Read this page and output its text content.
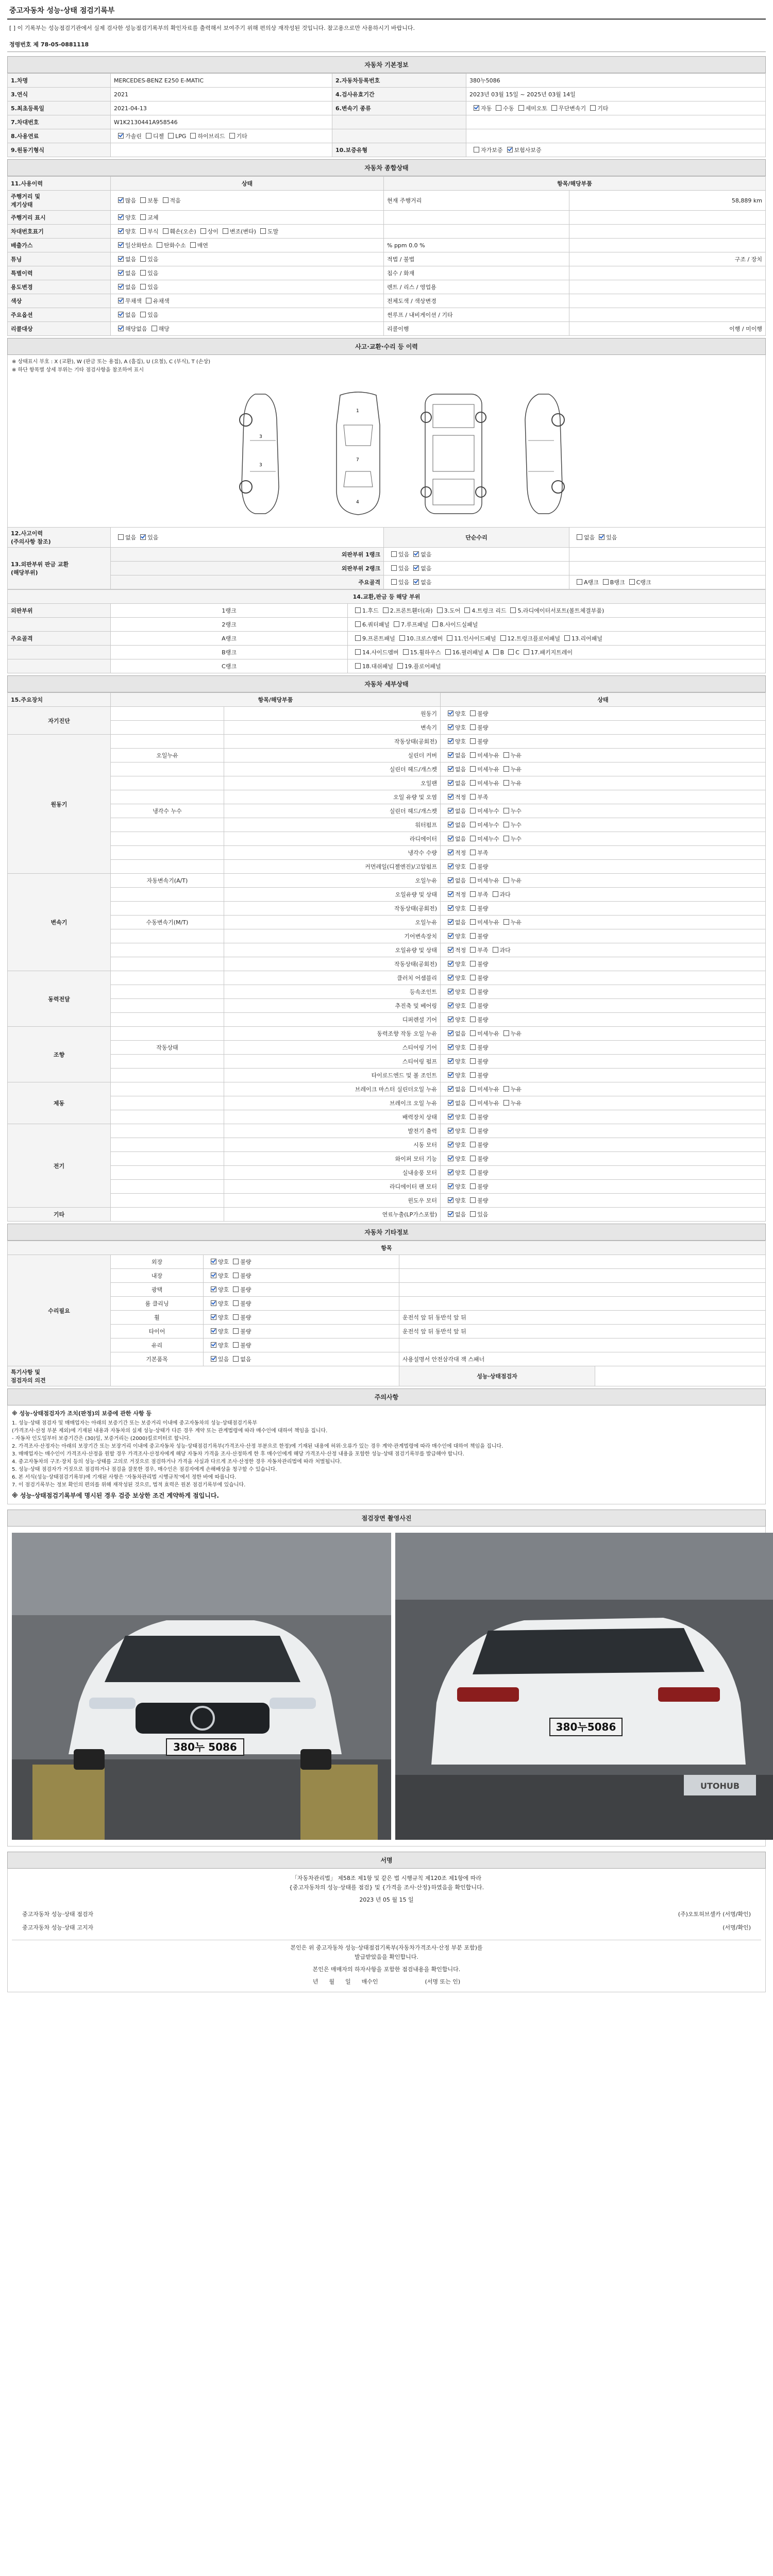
중고자동차 성능·상태 점검기록부
[ ] 이 기록부는 성능점검기관에서 실제 검사한 성능점검기록부의 확인자료를 출력해서 보여주기 위해 편의상 재작성된 것입니다. 참고용으로만 사용하시기 바랍니다.
정령번호 제 78-05-0881118
자동차 기본정보
1.차명	MERCEDES-BENZ E250 E-MATIC	2.자동차등록번호	380누5086
3.연식	2021	4.검사유효기간	2023년 03월 15일 ~ 2025년 03월 14일
5.최초등록일	2021-04-13	6.변속기 종류	자동 수동 세미오토 무단변속기 기타
7.차대번호	W1K2130441A958546		
8.사용연료	가솔린 디젤 LPG 하이브리드 기타		
9.원동기형식		10.보증유형	자가보증 보험사보증
자동차 종합상태
11.사용이력	상태	항목/해당부품	
주행거리 및
계기상태	많음 보통 적음	현재 주행거리	58,889 km
주행거리 표시	양호 교체		
차대번호표기	양호 부식 훼손(오손) 상이 변조(변타) 도말		
배출가스	일산화탄소 탄화수소 매연	% ppm 0.0 %	
튜닝	없음 있음	적법 / 불법	구조 / 장치
특별이력	없음 있음	침수 / 화재	
용도변경	없음 있음	렌트 / 리스 / 영업용	
색상	무채색 유채색	전체도색 / 색상변경	
주요옵션	없음 있음	썬루프 / 내비게이션 / 기타	
리콜대상	해당없음 해당	리콜이행	이행 / 미이행
사고·교환·수리 등 이력
※ 상태표시 부호 : X (교환), W (판금 또는 용접), A (흠집), U (요철), C (부식), T (손상)
※ 하단 항목별 상세 부위는 기타 점검사항을 참조하여 표시
3
3
1
7
4
12.사고이력
(주의사항 참조)	없음 있음	단순수리	없음 있음
13.외판부위 판금 교환
(해당부위)	외판부위 1랭크	있음 없음	
	외판부위 2랭크	있음 없음	
	주요골격	있음 없음	A랭크 B랭크 C랭크
14.교환,판금 등 해당 부위		
외판부위	1랭크	1.후드 2.프론트휀더(좌) 3.도어 4.트렁크 리드 5.라디에이터서포트(볼트체결부품)
	2랭크	6.쿼터패널 7.루프패널 8.사이드실패널
주요골격	A랭크	9.프론트패널 10.크로스멤버 11.인사이드패널 12.트렁크플로어패널 13.리어패널
	B랭크	14.사이드멤버 15.휠하우스 16.필러패널 A B C 17.패키지트레이
	C랭크	18.대쉬패널 19.플로어패널
자동차 세부상태
15.주요장치	항목/해당부품		상태
자기진단		원동기	양호 불량
		변속기	양호 불량
원동기		작동상태(공회전)	양호 불량
	오일누유	실린더 커버	없음 미세누유 누유
		실린더 헤드/개스켓	없음 미세누유 누유
		오일팬	없음 미세누유 누유
		오일 유량 및 오염	적정 부족
	냉각수 누수	실린더 헤드/개스켓	없음 미세누수 누수
		워터펌프	없음 미세누수 누수
		라디에이터	없음 미세누수 누수
		냉각수 수량	적정 부족
		커먼레일(디젤엔진)/고압펌프	양호 불량
변속기	자동변속기(A/T)	오일누유	없음 미세누유 누유
		오일유량 및 상태	적정 부족 과다
		작동상태(공회전)	양호 불량
	수동변속기(M/T)	오일누유	없음 미세누유 누유
		기어변속장치	양호 불량
		오일유량 및 상태	적정 부족 과다
		작동상태(공회전)	양호 불량
동력전달		클러치 어셈블리	양호 불량
		등속조인트	양호 불량
		추진축 및 베어링	양호 불량
		디퍼렌셜 기어	양호 불량
조향		동력조향 작동 오일 누유	없음 미세누유 누유
	작동상태	스티어링 기어	양호 불량
		스티어링 펌프	양호 불량
		타이로드엔드 및 볼 조인트	양호 불량
제동		브레이크 마스터 실린더오일 누유	없음 미세누유 누유
		브레이크 오일 누유	없음 미세누유 누유
		배력장치 상태	양호 불량
전기		발전기 출력	양호 불량
		시동 모터	양호 불량
		와이퍼 모터 기능	양호 불량
		실내송풍 모터	양호 불량
		라디에이터 팬 모터	양호 불량
		윈도우 모터	양호 불량
기타		연료누출(LP가스포함)	없음 있음
자동차 기타정보
항목				
수리필요	외장	양호 불량		
	내장	양호 불량		
	광택	양호 불량		
	룸 클리닝	양호 불량		
	휠	양호 불량	운전석 앞 뒤 동반석 앞 뒤	
	타이어	양호 불량	운전석 앞 뒤 동반석 앞 뒤	
	유리	양호 불량		
	기본품목	있음 없음	사용설명서 안전삼각대 잭 스패너	
특기사항 및
점검자의 의견			성능·상태점검자	
주의사항
※ 성능·상태점검자가 조치(판정)의 보증에 관한 사항 등
1. 성능·상태 점검자 및 매매업자는 아래의 보증기간 또는 보증거리 이내에 중고자동차의 성능·상태점검기록부
(가격조사·산정 부분 제외)에 기재된 내용과 자동차의 실제 성능·상태가 다른 경우 계약 또는 관계법령에 따라 매수인에 대하여 책임을 집니다.
- 자동차 인도일부터 보증기간은 (30)일, 보증거리는 (2000)킬로미터로 합니다.
2. 가격조사·산정자는 아래의 보장기간 또는 보장거리 이내에 중고자동차 성능·상태점검기록부(가격조사·산정 부분으로 한정)에 기재된 내용에 허위·오류가 있는 경우 계약·관계법령에 따라 매수인에 대하여 책임을 집니다.
3. 매매업자는 매수인이 가격조사·산정을 원할 경우 가격조사·산정자에게 해당 자동차 가격을 조사·산정하게 한 후 매수인에게 해당 가격조사·산정 내용을 포함한 성능·상태 점검기록부를 발급해야 합니다.
4. 중고자동차의 구조·장치 등의 성능·상태를 고의로 거짓으로 점검하거나 가격을 사실과 다르게 조사·산정한 경우 자동차관리법에 따라 처벌됩니다.
5. 성능·상태 점검자가 거짓으로 점검하거나 점검을 잘못한 경우, 매수인은 점검자에게 손해배상을 청구할 수 있습니다.
6. 본 서식(성능·상태점검기록부)에 기재된 사항은 ‘자동차관리법 시행규칙’에서 정한 바에 따릅니다.
7. 이 점검기록부는 정보 확인의 편의를 위해 재작성된 것으로, 법적 효력은 원본 점검기록부에 있습니다.
※ 성능·상태점검기록부에 명시된 경우 검증 보상한 조건 계약하게 점입니다.
점검장면 촬영사진
380누 5086
380누5086
UTOHUB
서명
「자동차관리법」 제58조 제1항 및 같은 법 시행규칙 제120조 제1항에 따라
{중고자동차의 성능·상태를 점검} 및 {가격을 조사·산정}하였음을 확인합니다.
2023 년 05 월 15 일
중고자동차 성능·상태 점검자	(주)오토허브셀카 (서명/확인)
중고자동차 성능·상태 고지자	(서명/확인)
본인은 위 중고자동차 성능·상태점검기록부(자동차가격조사·산정 부분 포함)를
발급받았음을 확인합니다.
본인은 매매자의 하자사항을 포함한 점검내용을 확인합니다.
년      월      일      매수인                          (서명 또는 인)
